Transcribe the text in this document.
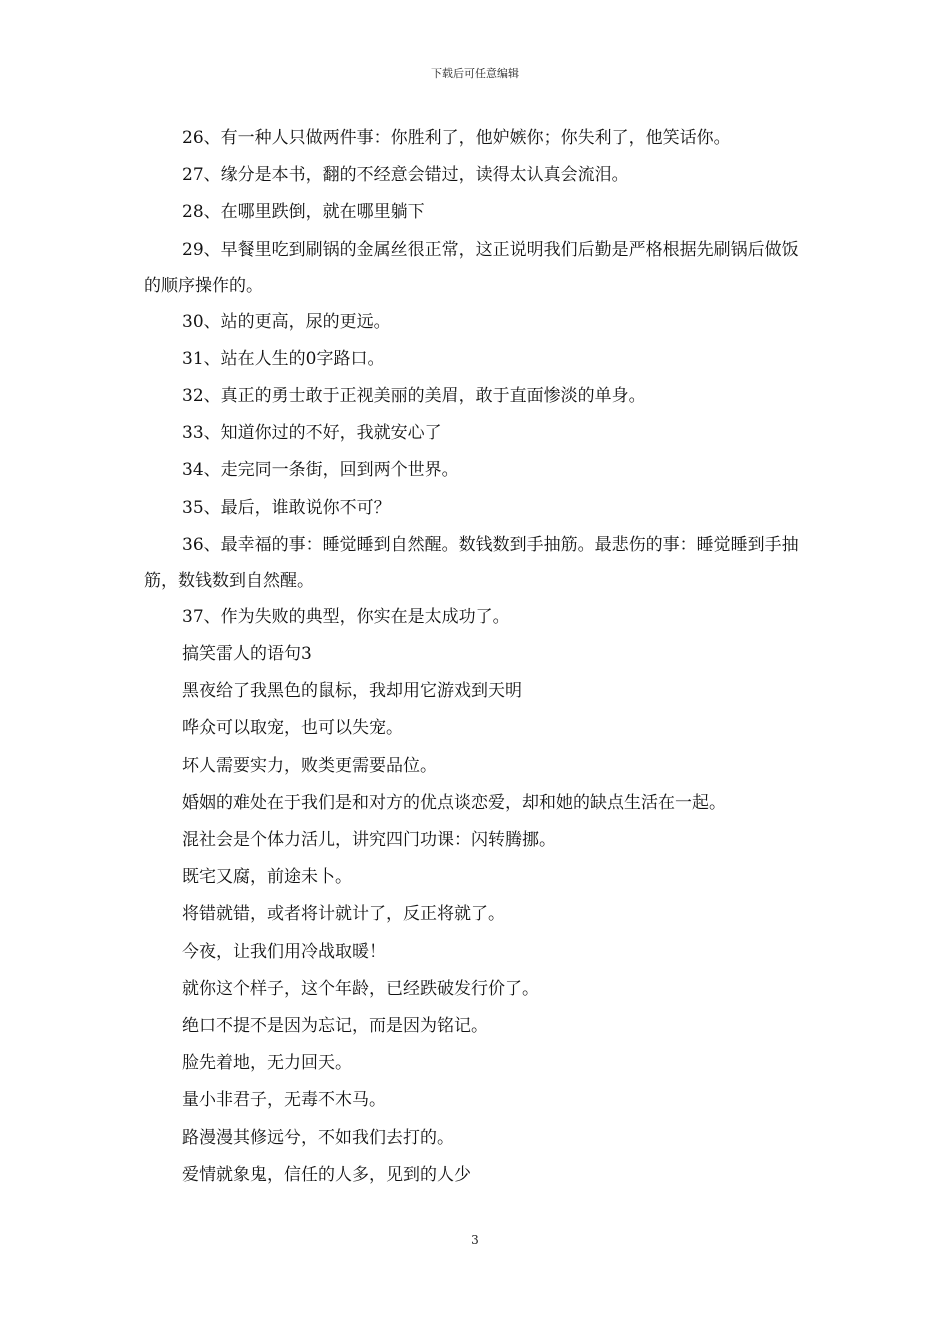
下载后可任意编辑

26、有一种人只做两件事：你胜利了，他妒嫉你；你失利了，他笑话你。

27、缘分是本书，翻的不经意会错过，读得太认真会流泪。

28、在哪里跌倒，就在哪里躺下

29、早餐里吃到刷锅的金属丝很正常，这正说明我们后勤是严格根据先刷锅后做饭的顺序操作的。

30、站的更高，尿的更远。

31、站在人生的0字路口。

32、真正的勇士敢于正视美丽的美眉，敢于直面惨淡的单身。

33、知道你过的不好，我就安心了

34、走完同一条街，回到两个世界。

35、最后，谁敢说你不可？

36、最幸福的事：睡觉睡到自然醒。数钱数到手抽筋。最悲伤的事：睡觉睡到手抽筋，数钱数到自然醒。

37、作为失败的典型，你实在是太成功了。

搞笑雷人的语句3

黑夜给了我黑色的鼠标，我却用它游戏到天明

哗众可以取宠，也可以失宠。

坏人需要实力，败类更需要品位。

婚姻的难处在于我们是和对方的优点谈恋爱，却和她的缺点生活在一起。

混社会是个体力活儿，讲究四门功课：闪转腾挪。

既宅又腐，前途未卜。

将错就错，或者将计就计了，反正将就了。

今夜，让我们用冷战取暖！

就你这个样子，这个年龄，已经跌破发行价了。

绝口不提不是因为忘记，而是因为铭记。

脸先着地，无力回天。

量小非君子，无毒不木马。

路漫漫其修远兮，不如我们去打的。

爱情就象鬼，信任的人多，见到的人少

3
